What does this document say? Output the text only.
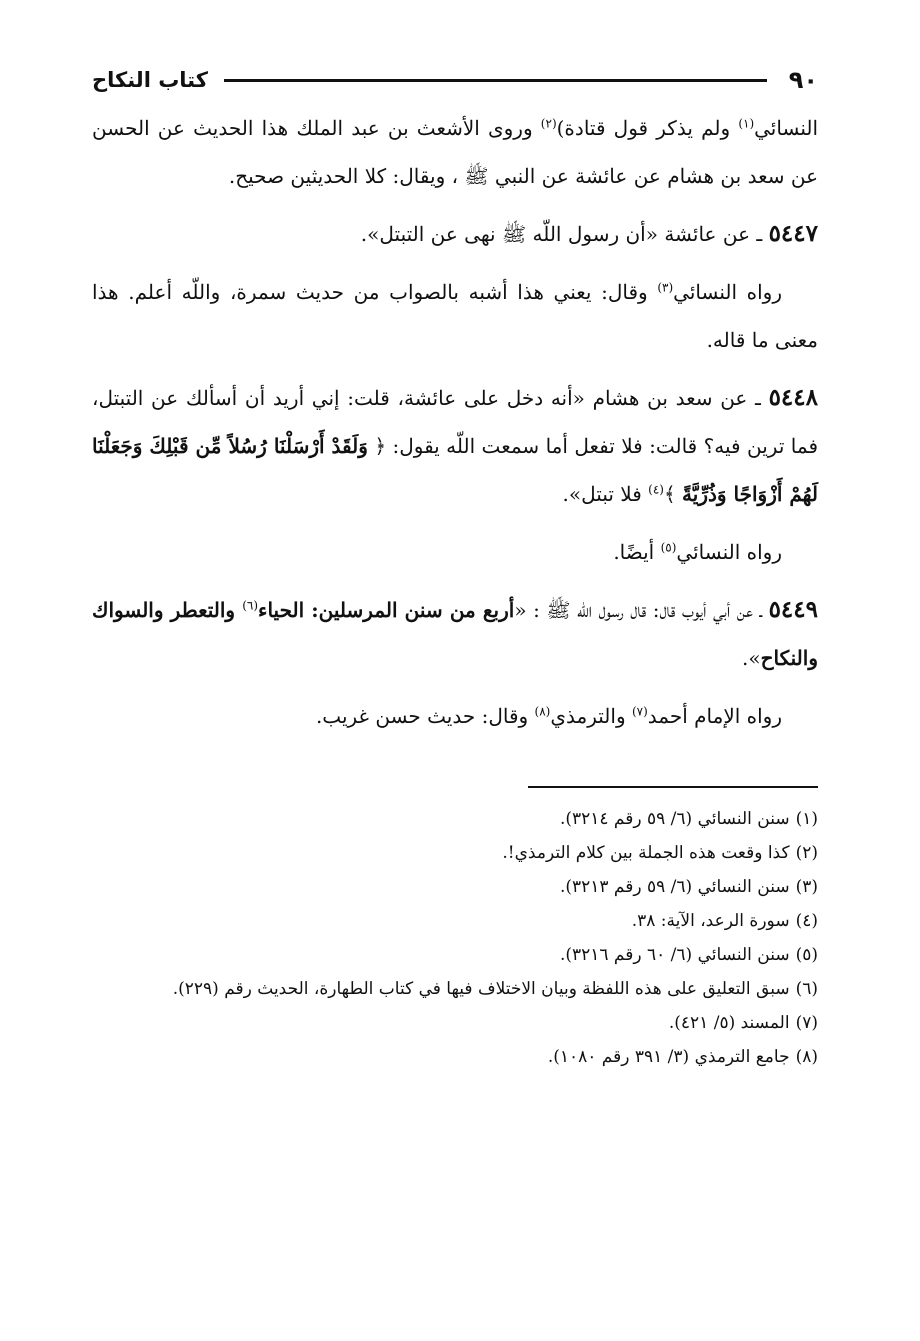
٩٠
كتاب النكاح

النسائي$^{(١)}$ ولم يذكر قول قتادة)$^{(٢)}$ وروى الأشعث بن عبد الملك هذا الحديث عن الحسن عن سعد بن هشام عن عائشة عن النبي ﷺ ، ويقال: كلا الحديثين صحيح.

٥٤٤٧ ـ عن عائشة «أن رسول اللّه ﷺ نهى عن التبتل».

رواه النسائي$^{(٣)}$ وقال: يعني هذا أشبه بالصواب من حديث سمرة، واللّه أعلم. هذا معنى ما قاله.

٥٤٤٨ ـ عن سعد بن هشام «أنه دخل على عائشة، قلت: إني أريد أن أسألك عن التبتل، فما ترين فيه؟ قالت: فلا تفعل أما سمعت اللّه يقول: ﴿ وَلَقَدْ أَرْسَلْنَا رُسُلاً مِّن قَبْلِكَ وَجَعَلْنَا لَهُمْ أَزْوَاجًا وَذُرِّيَّةً ﴾$^{(٤)}$ فلا تبتل».

رواه النسائي$^{(٥)}$ أيضًا.

٥٤٤٩ ـ عن أبي أيوب قال: قال رسول اللّه ﷺ : «أربع من سنن المرسلين: الحياء$^{(٦)}$ والتعطر والسواك والنكاح».

رواه الإمام أحمد$^{(٧)}$ والترمذي$^{(٨)}$ وقال: حديث حسن غريب.

(١)سنن النسائي (٦/ ٥٩ رقم ٣٢١٤).
(٢)كذا وقعت هذه الجملة بين كلام الترمذي!.
(٣)سنن النسائي (٦/ ٥٩ رقم ٣٢١٣).
(٤)سورة الرعد، الآية: ٣٨.
(٥)سنن النسائي (٦/ ٦٠ رقم ٣٢١٦).
(٦)سبق التعليق على هذه اللفظة وبيان الاختلاف فيها في كتاب الطهارة، الحديث رقم (٢٢٩).
(٧)المسند (٥/ ٤٢١).
(٨)جامع الترمذي (٣/ ٣٩١ رقم ١٠٨٠).
